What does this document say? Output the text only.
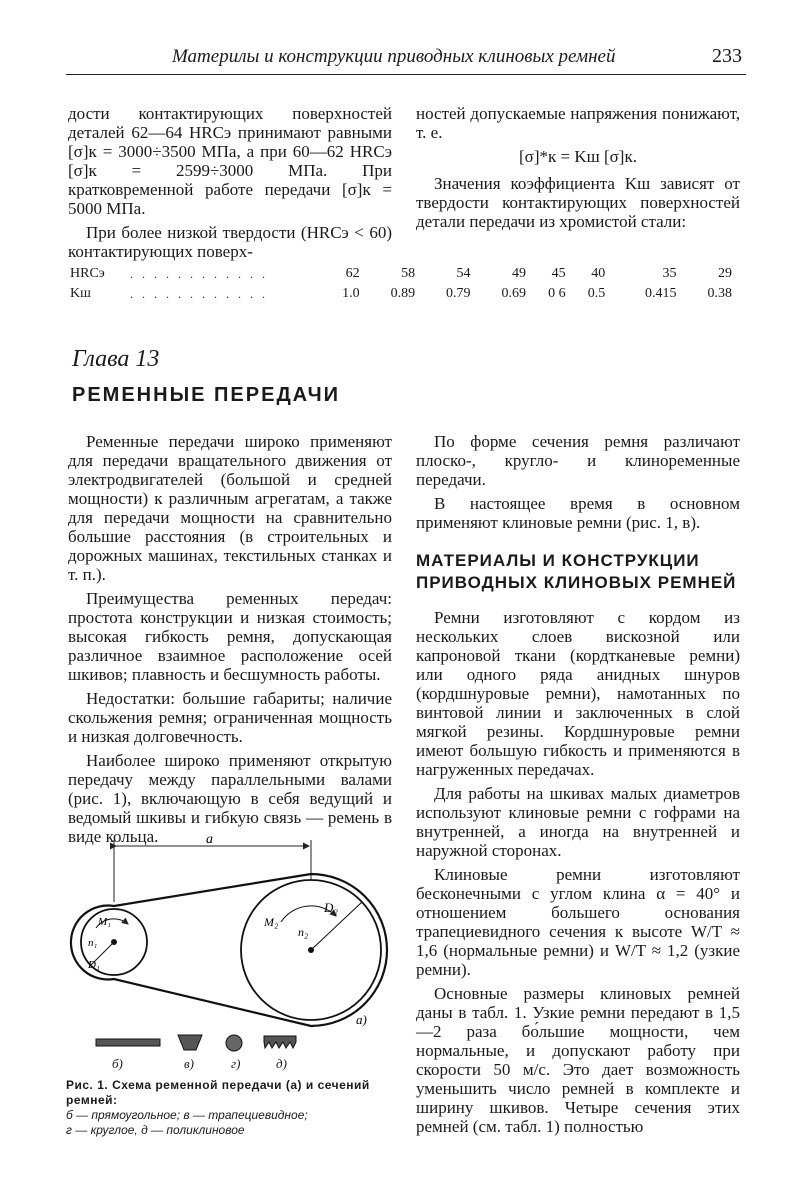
Материлы и конструкции приводных клиновых ремней	233

дости контактирующих поверхностей деталей 62—64 HRCэ принимают равными [σ]к = 3000÷3500 МПа, а при 60—62 HRCэ [σ]к = 2599÷3000 МПа. При кратковременной работе передачи [σ]к = 5000 МПа.

При более низкой твердости (HRCэ < 60) контактирующих поверх-

ностей допускаемые напряжения понижают, т. е.

[σ]*к = Kш [σ]к.

Значения коэффициента Kш зависят от твердости контактирующих поверхностей детали передачи из хромистой стали:

HRCэ	. . . . . . . . . . . .	62	58	54	49	45	40	35	29
Kш	. . . . . . . . . . . .	1.0	0.89	0.79	0.69	0 6	0.5	0.415	0.38
Глава 13
РЕМЕННЫЕ ПЕРЕДАЧИ

Ременные передачи широко применяют для передачи вращательного движения от электродвигателей (большой и средней мощности) к различным агрегатам, а также для передачи мощности на сравнительно большие расстояния (в строительных и дорожных машинах, текстильных станках и т. п.).

Преимущества ременных передач: простота конструкции и низкая стоимость; высокая гибкость ремня, допускающая различное взаимное расположение осей шкивов; плавность и бесшумность работы.

Недостатки: большие габариты; наличие скольжения ремня; ограниченная мощность и низкая долговечность.

Наиболее широко применяют открытую передачу между параллельными валами (рис. 1), включающую в себя ведущий и ведомый шкивы и гибкую связь — ремень в виде кольца.

По форме сечения ремня различают плоско-, кругло- и клиноременные передачи.

В настоящее время в основном применяют клиновые ремни (рис. 1, в).

МАТЕРИАЛЫ И КОНСТРУКЦИИ ПРИВОДНЫХ КЛИНОВЫХ РЕМНЕЙ

Ремни изготовляют с кордом из нескольких слоев вискозной или капроновой ткани (кордтканевые ремни) или одного ряда анидных шнуров (кордшнуровые ремни), намотанных по винтовой линии и заключенных в слой мягкой резины. Кордшнуровые ремни имеют большую гибкость и применяются в нагруженных передачах.

Для работы на шкивах малых диаметров используют клиновые ремни с гофрами на внутренней, а иногда на внутренней и наружной сторонах.

Клиновые ремни изготовляют бесконечными с углом клина α = 40° и отношением большего основания трапециевидного сечения к высоте W/T ≈ 1,6 (нормальные ремни) и W/T ≈ 1,2 (узкие ремни).

Основные размеры клиновых ремней даны в табл. 1. Узкие ремни передают в 1,5—2 раза бо́льшие мощности, чем нормальные, и допускают работу при скорости 50 м/с. Это дает возможность уменьшить число ремней в комплекте и ширину шкивов. Четыре сечения этих ремней (см. табл. 1) полностью

a
M₁
n₁
D₁
M₂
n₂
D₂
а)
б)	в)	г)	д)
Рис. 1. Схема ременной передачи (а) и сечений ремней:
б — прямоугольное; в — трапециевидное;
г — круглое, д — поликлиновое
